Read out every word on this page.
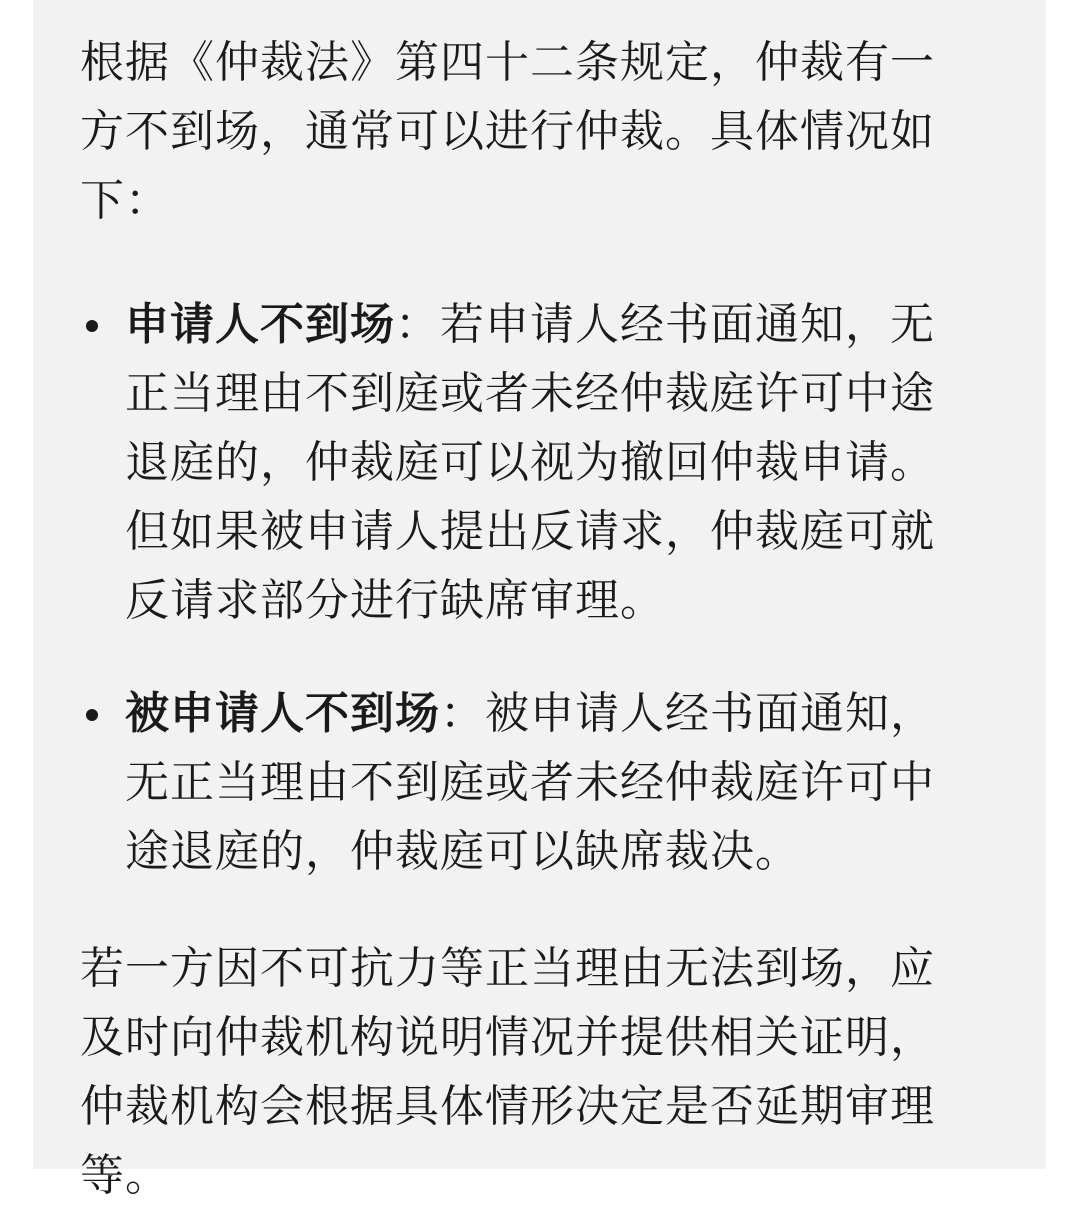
根据《仲裁法》第四十二条规定，仲裁有一方不到场，通常可以进行仲裁。具体情况如下：

申请人不到场：若申请人经书面通知，无正当理由不到庭或者未经仲裁庭许可中途退庭的，仲裁庭可以视为撤回仲裁申请。但如果被申请人提出反请求，仲裁庭可就反请求部分进行缺席审理。
被申请人不到场：被申请人经书面通知，无正当理由不到庭或者未经仲裁庭许可中途退庭的，仲裁庭可以缺席裁决。

若一方因不可抗力等正当理由无法到场，应及时向仲裁机构说明情况并提供相关证明，仲裁机构会根据具体情形决定是否延期审理等。
